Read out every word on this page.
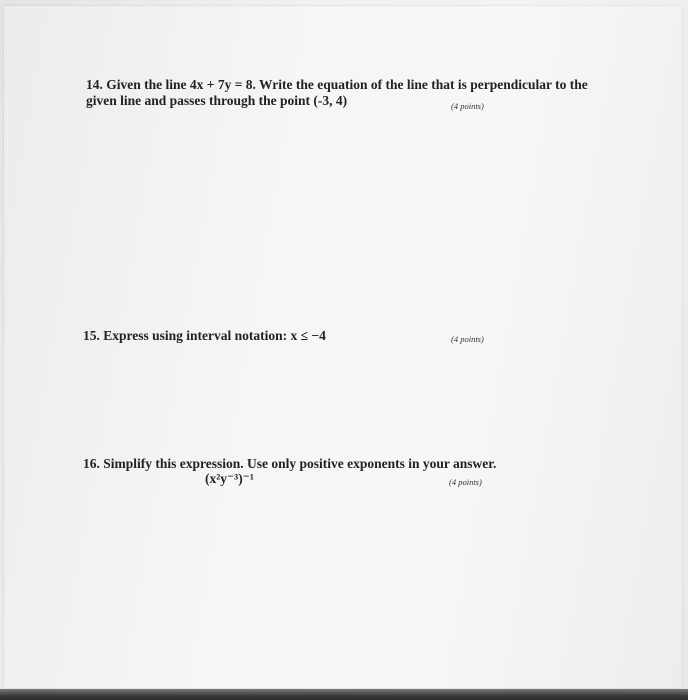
14. Given the line 4x + 7y = 8. Write the equation of the line that is perpendicular to the
given line and passes through the point (-3, 4)	(4 points)
15. Express using interval notation: x ≤ −4	(4 points)
16. Simplify this expression. Use only positive exponents in your answer.
(x²y⁻³)⁻¹	(4 points)
